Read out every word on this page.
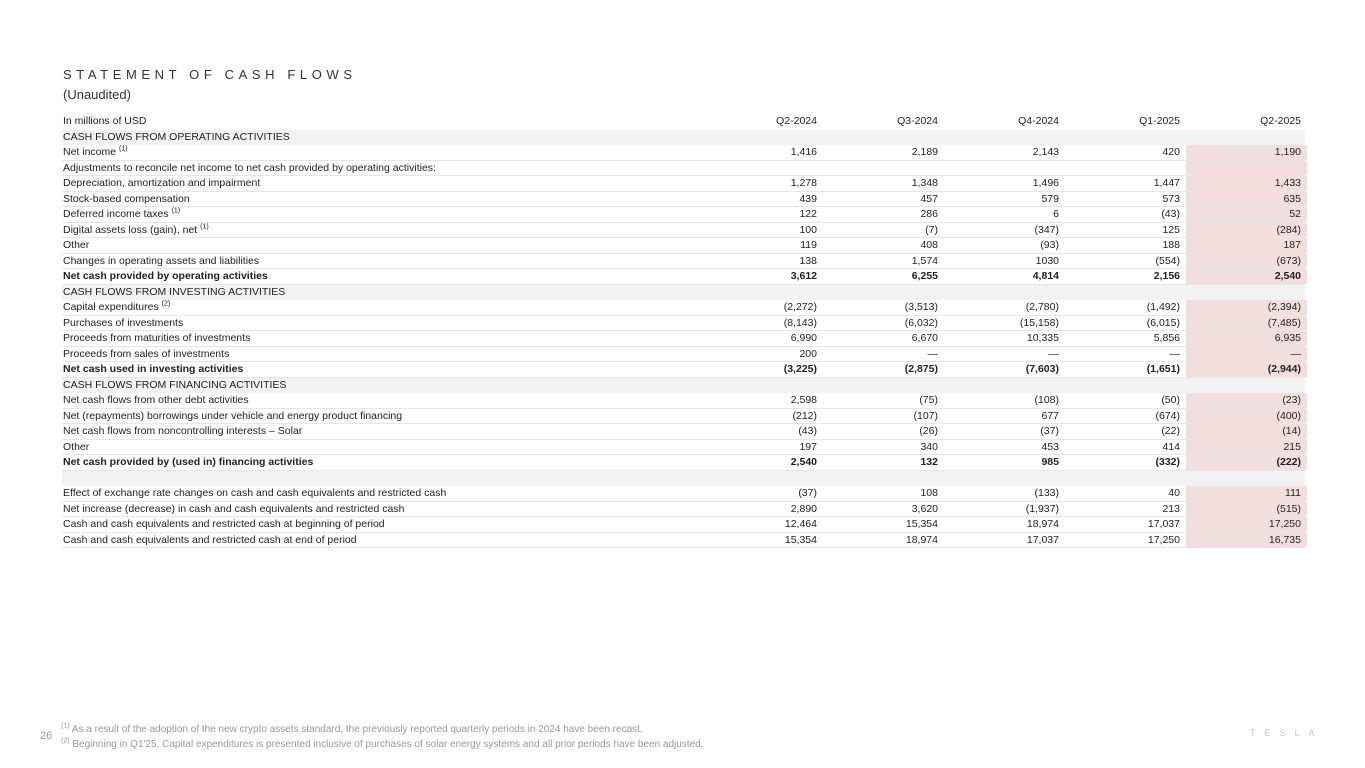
STATEMENT OF CASH FLOWS
(Unaudited)
In millions of USD	Q2-2024	Q3-2024	Q4-2024	Q1-2025	Q2-2025
CASH FLOWS FROM OPERATING ACTIVITIES
Net income $^{(1)}$	1,416	2,189	2,143	420	1,190
Adjustments to reconcile net income to net cash provided by operating activities:
Depreciation, amortization and impairment	1,278	1,348	1,496	1,447	1,433
Stock-based compensation	439	457	579	573	635
Deferred income taxes $^{(1)}$	122	286	6	(43)	52
Digital assets loss (gain), net $^{(1)}$	100	(7)	(347)	125	(284)
Other	119	408	(93)	188	187
Changes in operating assets and liabilities	138	1,574	1030	(554)	(673)
Net cash provided by operating activities	3,612	6,255	4,814	2,156	2,540
CASH FLOWS FROM INVESTING ACTIVITIES
Capital expenditures $^{(2)}$	(2,272)	(3,513)	(2,780)	(1,492)	(2,394)
Purchases of investments	(8,143)	(6,032)	(15,158)	(6,015)	(7,485)
Proceeds from maturities of investments	6,990	6,670	10,335	5,856	6,935
Proceeds from sales of investments	200	—	—	—	—
Net cash used in investing activities	(3,225)	(2,875)	(7,603)	(1,651)	(2,944)
CASH FLOWS FROM FINANCING ACTIVITIES
Net cash flows from other debt activities	2,598	(75)	(108)	(50)	(23)
Net (repayments) borrowings under vehicle and energy product financing	(212)	(107)	677	(674)	(400)
Net cash flows from noncontrolling interests – Solar	(43)	(26)	(37)	(22)	(14)
Other	197	340	453	414	215
Net cash provided by (used in) financing activities	2,540	132	985	(332)	(222)
Effect of exchange rate changes on cash and cash equivalents and restricted cash	(37)	108	(133)	40	111
Net increase (decrease) in cash and cash equivalents and restricted cash	2,890	3,620	(1,937)	213	(515)
Cash and cash equivalents and restricted cash at beginning of period	12,464	15,354	18,974	17,037	17,250
Cash and cash equivalents and restricted cash at end of period	15,354	18,974	17,037	17,250	16,735
26
$^{(1)}$ As a result of the adoption of the new crypto assets standard, the previously reported quarterly periods in 2024 have been recast.
$^{(2)}$ Beginning in Q1'25, Capital expenditures is presented inclusive of purchases of solar energy systems and all prior periods have been adjusted.
TESLA
